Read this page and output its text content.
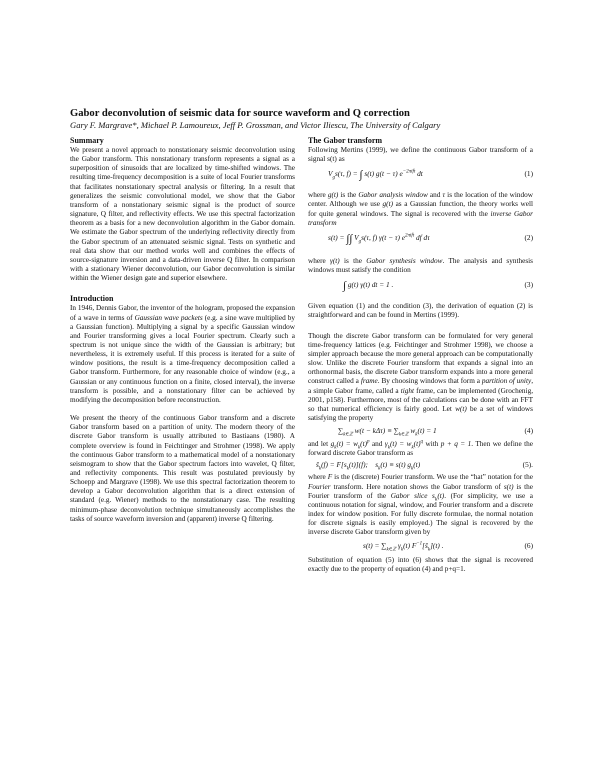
Gabor deconvolution of seismic data for source waveform and Q correction
Gary F. Margrave*, Michael P. Lamoureux, Jeff P. Grossman, and Victor Iliescu, The University of Calgary

Summary

We present a novel approach to nonstationary seismic deconvolution using the Gabor transform. This nonstationary transform represents a signal as a superposition of sinusoids that are localized by time-shifted windows. The resulting time-frequency decomposition is a suite of local Fourier transforms that facilitates nonstationary spectral analysis or filtering. In a result that generalizes the seismic convolutional model, we show that the Gabor transform of a nonstationary seismic signal is the product of source signature, Q filter, and reflectivity effects. We use this spectral factorization theorem as a basis for a new deconvolution algorithm in the Gabor domain. We estimate the Gabor spectrum of the underlying reflectivity directly from the Gabor spectrum of an attenuated seismic signal. Tests on synthetic and real data show that our method works well and combines the effects of source-signature inversion and a data-driven inverse Q filter. In comparison with a stationary Wiener deconvolution, our Gabor deconvolution is similar within the Wiener design gate and superior elsewhere.

Introduction

In 1946, Dennis Gabor, the inventor of the hologram, proposed the expansion of a wave in terms of Gaussian wave packets (e.g. a sine wave multiplied by a Gaussian function). Multiplying a signal by a specific Gaussian window and Fourier transforming gives a local Fourier spectrum. Clearly such a spectrum is not unique since the width of the Gaussian is arbitrary; but nevertheless, it is extremely useful. If this process is iterated for a suite of window positions, the result is a time-frequency decomposition called a Gabor transform. Furthermore, for any reasonable choice of window (e.g., a Gaussian or any continuous function on a finite, closed interval), the inverse transform is possible, and a nonstationary filter can be achieved by modifying the decomposition before reconstruction.

We present the theory of the continuous Gabor transform and a discrete Gabor transform based on a partition of unity. The modern theory of the discrete Gabor transform is usually attributed to Bastiaans (1980). A complete overview is found in Feichtinger and Strohmer (1998). We apply the continuous Gabor transform to a mathematical model of a nonstationary seismogram to show that the Gabor spectrum factors into wavelet, Q filter, and reflectivity components. This result was postulated previously by Schoepp and Margrave (1998). We use this spectral factorization theorem to develop a Gabor deconvolution algorithm that is a direct extension of standard (e.g. Wiener) methods to the nonstationary case. The resulting minimum-phase deconvolution technique simultaneously accomplishes the tasks of source waveform inversion and (apparent) inverse Q filtering.

The Gabor transform

Following Mertins (1999), we define the continuous Gabor transform of a signal s(t) as

$V_gs(\tau$, f) = ∫ s(t) g(t − τ) $e^{-2\pi ift}$ dt	(1)

where g(t) is the Gabor analysis window and τ is the location of the window center. Although we use g(t) as a Gaussian function, the theory works well for quite general windows. The signal is recovered with the inverse Gabor transform

s(t) = ∫∫ $V_gs(\tau$, f) γ(t − τ) $e^{2\pi ift}$ df dτ	(2)

where γ(t) is the Gabor synthesis window. The analysis and synthesis windows must satisfy the condition

∫ g(t) γ(t) dt = 1 .	(3)

Given equation (1) and the condition (3), the derivation of equation (2) is straightforward and can be found in Mertins (1999).

Though the discrete Gabor transform can be formulated for very general time-frequency lattices (e.g. Feichtinger and Strohmer 1998), we choose a simpler approach because the more general approach can be computationally slow. Unlike the discrete Fourier transform that expands a signal into an orthonormal basis, the discrete Gabor transform expands into a more general construct called a frame. By choosing windows that form a partition of unity, a simple Gabor frame, called a tight frame, can be implemented (Grochenig, 2001, p158). Furthermore, most of the calculations can be done with an FFT so that numerical efficiency is fairly good. Let w(t) be a set of windows satisfying the property

$\sum_{k\in ℤ}$ $w(t - k\Delta\tau) \equiv \sum_{k\in ℤ}$ $w_k(t) = 1$	(4)

and let $g_k(t) = w_k(t)^p$ and $\gamma_k(t) = w_k(t)^q$ with p + q = 1. Then we define the forward discrete Gabor transform as

$ŝ_k(f) = F[s_k(t)](f)$;    $s_k(t) \equiv s(t)$ $g_k(t)$	(5).

where F is the (discrete) Fourier transform. We use the “hat” notation for the Fourier transform. Here notation shows the Gabor transform of s(t) is the Fourier transform of the Gabor slice $s_k(t)$. (For simplicity, we use a continuous notation for signal, window, and Fourier transform and a discrete index for window position. For fully discrete formulae, the normal notation for discrete signals is easily employed.) The signal is recovered by the inverse discrete Gabor transform given by

$s(t) = \sum_{k\in ℤ}$ $\gamma_k(t)$ $F^{-1}[ŝ_k](t)$ .	(6)

Substitution of equation (5) into (6) shows that the signal is recovered exactly due to the property of equation (4) and p+q=1.
